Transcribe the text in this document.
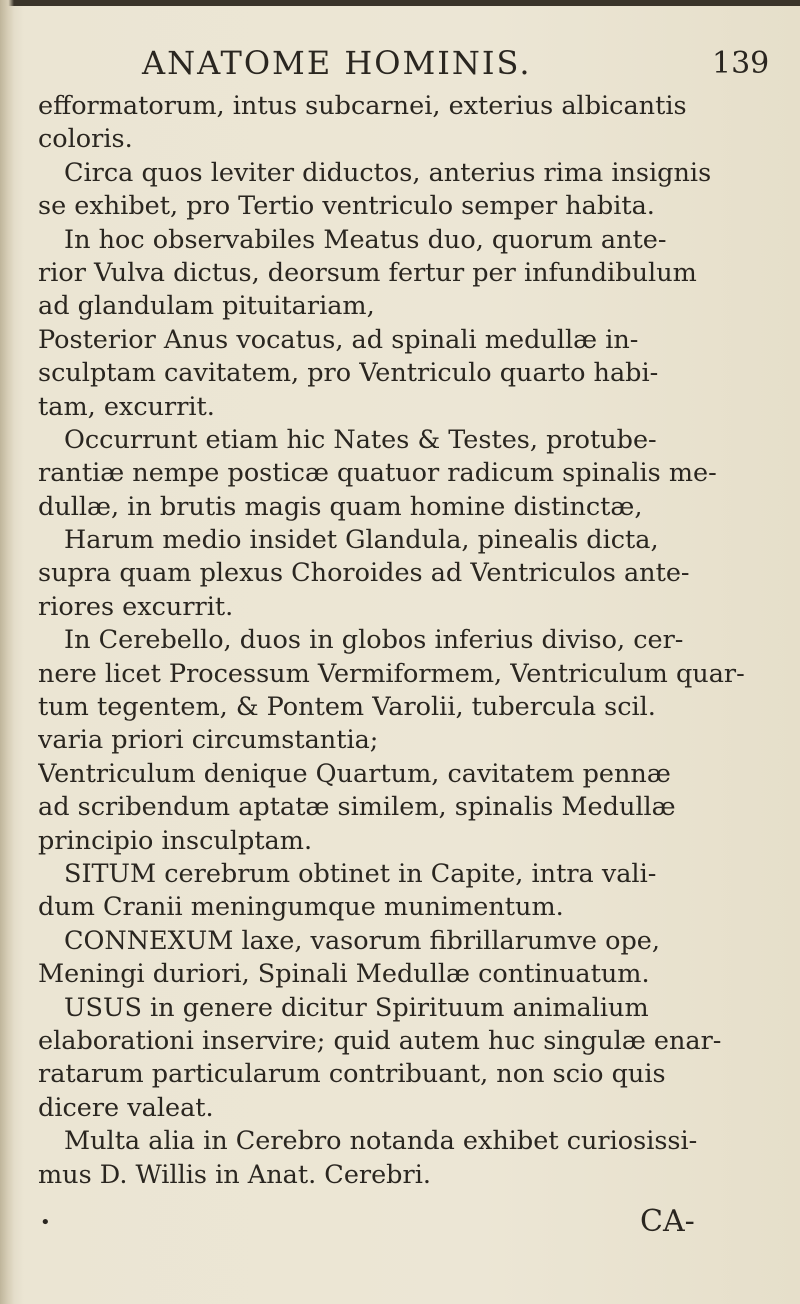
ANATOME HOMINIS.	139
efformatorum, intus subcarnei, exterius albicantis
coloris.
Circa quos leviter diductos, anterius rima insignis
se exhibet, pro Tertio ventriculo semper habita.
In hoc observabiles Meatus duo, quorum ante-
rior Vulva dictus, deorsum fertur per infundibulum
ad glandulam pituitariam,
Posterior Anus vocatus, ad spinali medullæ in-
sculptam cavitatem, pro Ventriculo quarto habi-
tam, excurrit.
Occurrunt etiam hic Nates & Testes, protube-
rantiæ nempe posticæ quatuor radicum spinalis me-
dullæ, in brutis magis quam homine distinctæ,
Harum medio insidet Glandula, pinealis dicta,
supra quam plexus Choroides ad Ventriculos ante-
riores excurrit.
In Cerebello, duos in globos inferius diviso, cer-
nere licet Processum Vermiformem, Ventriculum quar-
tum tegentem, & Pontem Varolii, tubercula scil.
varia priori circumstantia;
Ventriculum denique Quartum, cavitatem pennæ
ad scribendum aptatæ similem, spinalis Medullæ
principio insculptam.
SITUM cerebrum obtinet in Capite, intra vali-
dum Cranii meningumque munimentum.
CONNEXUM laxe, vasorum fibrillarumve ope,
Meningi duriori, Spinali Medullæ continuatum.
USUS in genere dicitur Spirituum animalium
elaborationi inservire; quid autem huc singulæ enar-
ratarum particularum contribuant, non scio quis
dicere valeat.
Multa alia in Cerebro notanda exhibet curiosissi-
mus D. Willis in Anat. Cerebri.
•	CA-
